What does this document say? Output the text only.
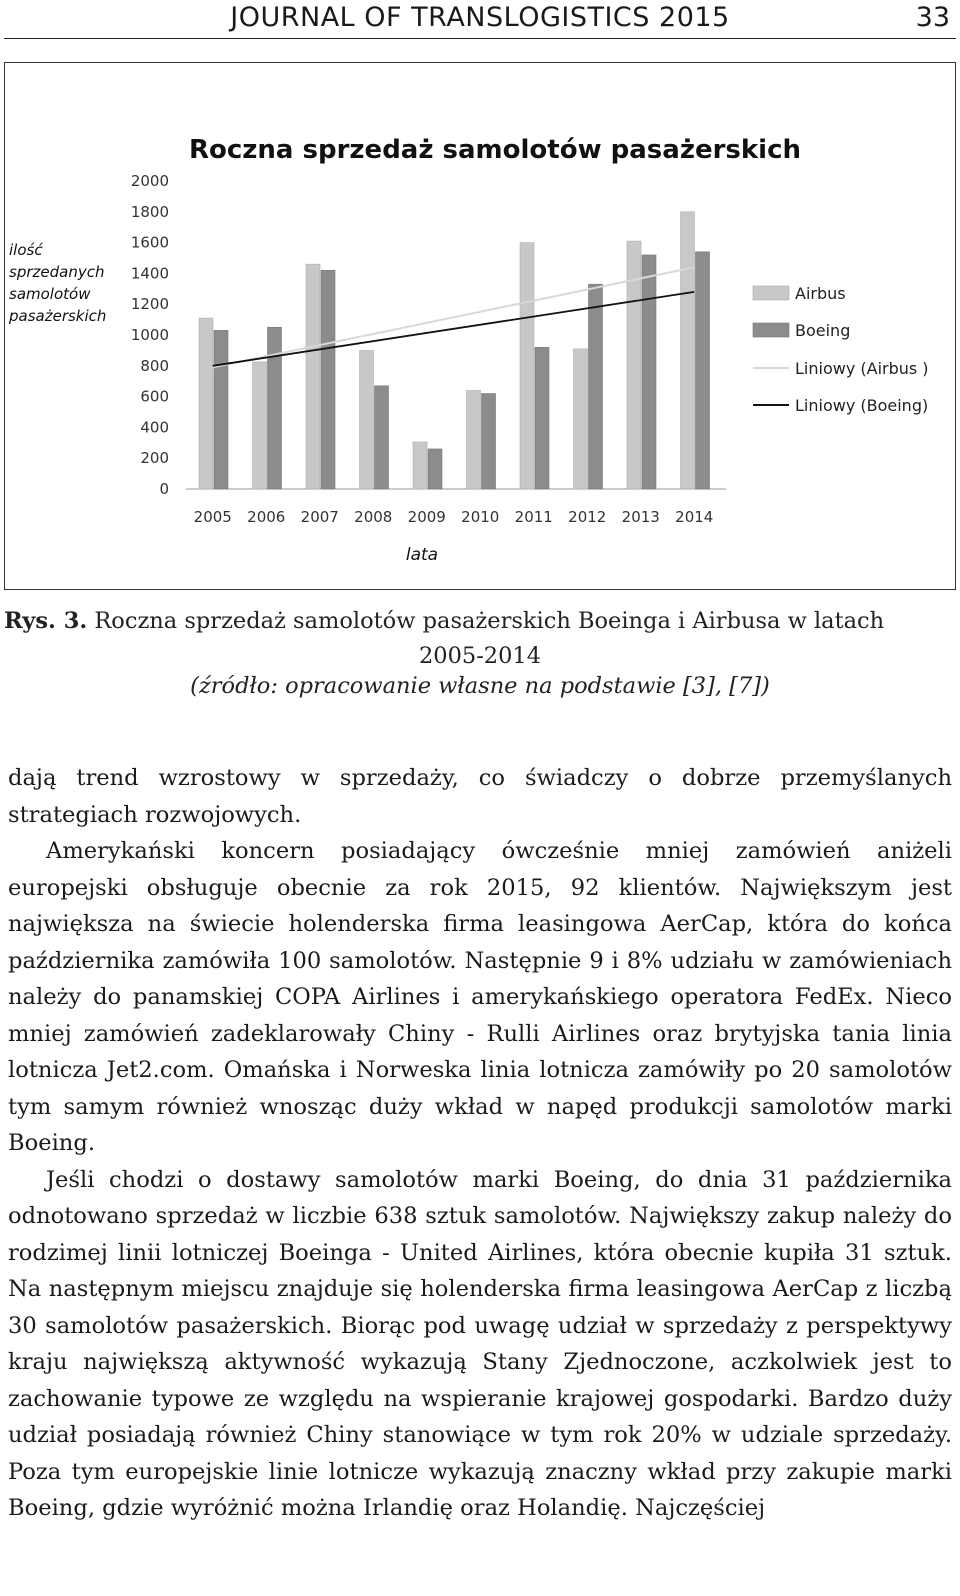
JOURNAL OF TRANSLOGISTICS 2015	33
Roczna sprzedaż samolotów pasażerskich
ilość
sprzedanych
samolotów
pasażerskich
lata
0
200
400
600
800
1000
1200
1400
1600
1800
2000
2005 2006 2007 2008 2009 2010 2011 2012 2013 2014
Airbus
Boeing
Liniowy (Airbus )
Liniowy (Boeing)
Rys. 3. Roczna sprzedaż samolotów pasażerskich Boeinga i Airbusa w latach
2005-2014
(źródło: opracowanie własne na podstawie [3], [7])

dają trend wzrostowy w sprzedaży, co świadczy o dobrze przemyślanych strategiach rozwojowych.

Amerykański koncern posiadający ówcześnie mniej zamówień aniżeli europejski obsługuje obecnie za rok 2015, 92 klientów. Największym jest największa na świecie holenderska firma leasingowa AerCap, która do końca października zamówiła 100 samolotów. Następnie 9 i 8% udziału w zamówieniach należy do panamskiej COPA Airlines i amerykańskiego operatora FedEx. Nieco mniej zamówień zadeklarowały Chiny - Rulli Airlines oraz brytyjska tania linia lotnicza Jet2.com. Omańska i Norweska linia lotnicza zamówiły po 20 samolotów tym samym również wnosząc duży wkład w napęd produkcji samolotów marki Boeing.

Jeśli chodzi o dostawy samolotów marki Boeing, do dnia 31 października odnotowano sprzedaż w liczbie 638 sztuk samolotów. Największy zakup należy do rodzimej linii lotniczej Boeinga - United Airlines, która obecnie kupiła 31 sztuk. Na następnym miejscu znajduje się holenderska firma leasingowa AerCap z liczbą 30 samolotów pasażerskich. Biorąc pod uwagę udział w sprzedaży z perspektywy kraju największą aktywność wykazują Stany Zjednoczone, aczkolwiek jest to zachowanie typowe ze względu na wspieranie krajowej gospodarki. Bardzo duży udział posiadają również Chiny stanowiące w tym rok 20% w udziale sprzedaży. Poza tym europejskie linie lotnicze wykazują znaczny wkład przy zakupie marki Boeing, gdzie wyróżnić można Irlandię oraz Holandię. Najczęściej
